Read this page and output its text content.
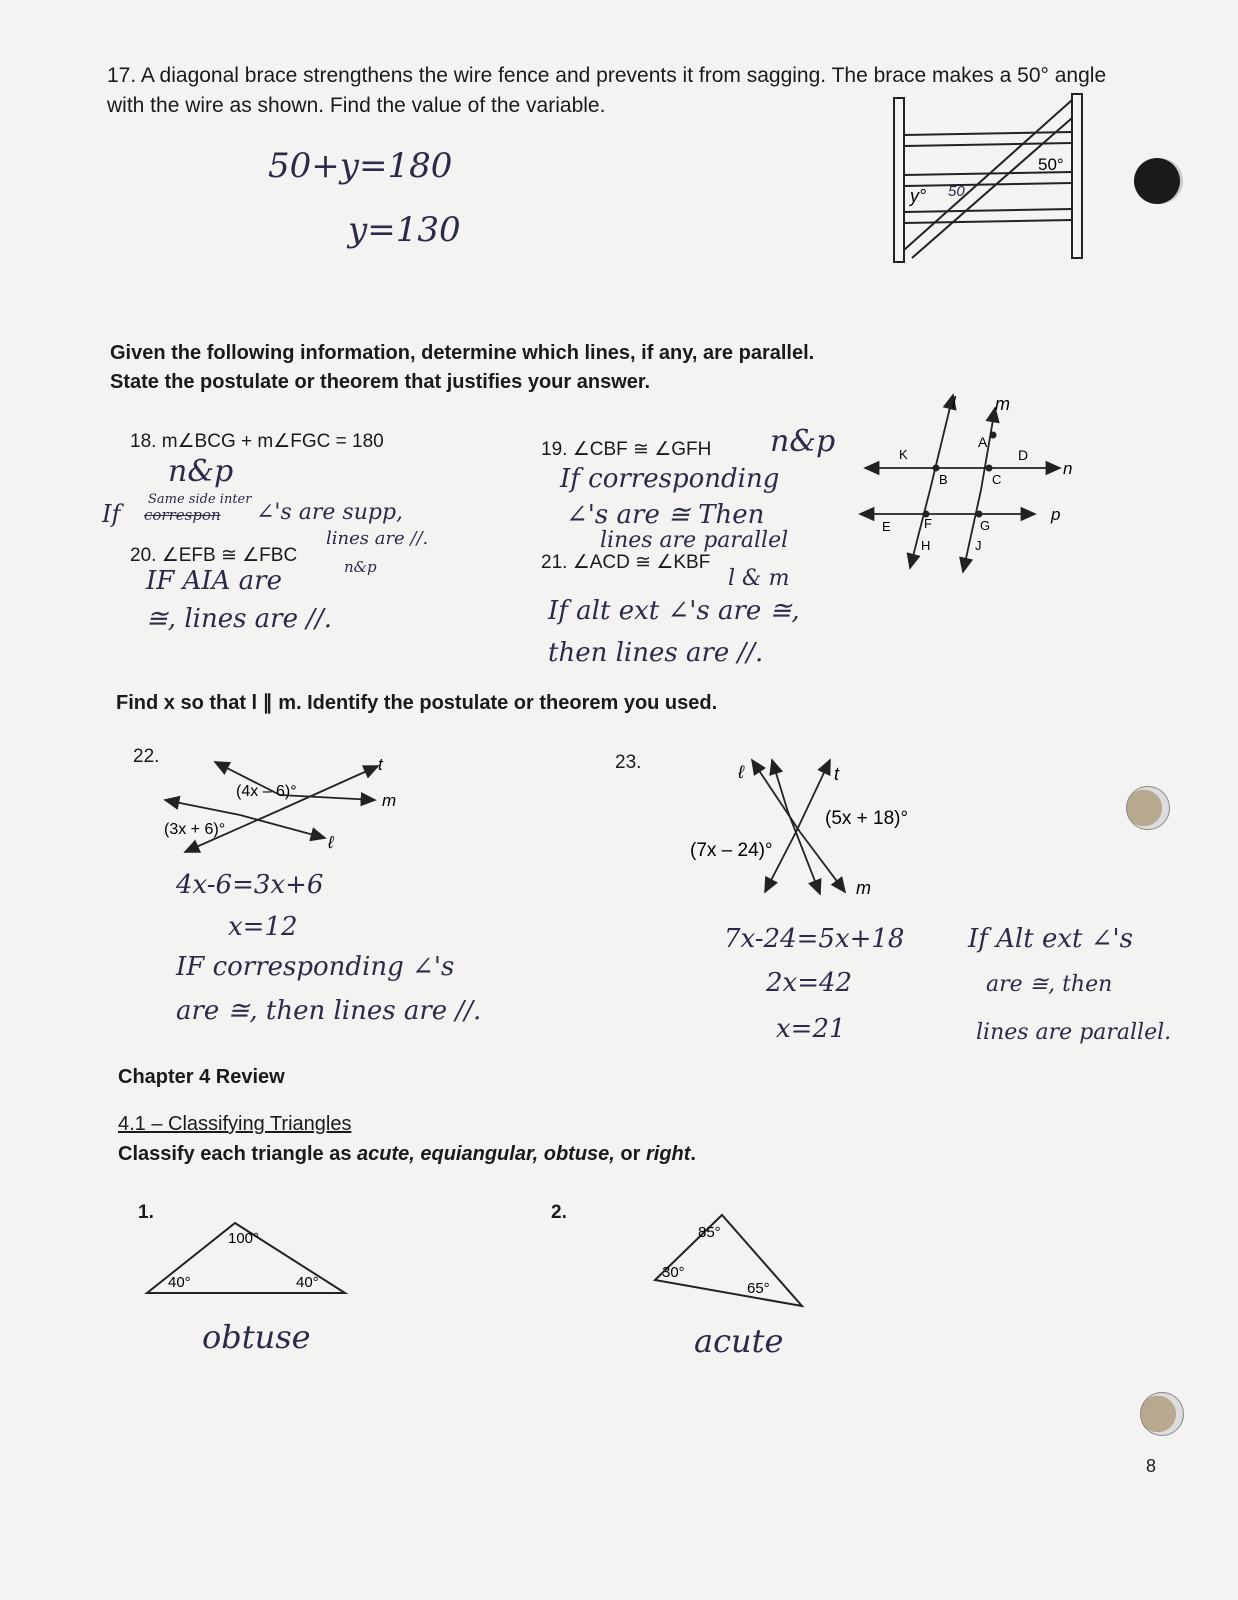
17. A diagonal brace strengthens the wire fence and prevents it from sagging. The brace makes a 50° angle
with the wire as shown. Find the value of the variable.
50+y=180
y=130
50°
y° 50
Given the following information, determine which lines, if any, are parallel.
State the postulate or theorem that justifies your answer.
18. m∠BCG + m∠FGC = 180
n&p
Same side inter
If correspon ∠'s are supp,
lines are //.
20. ∠EFB ≅ ∠FBC
n&p
IF AIA are
≅, lines are //.
19. ∠CBF ≅ ∠GFH n&p
If corresponding
∠'s are ≅ Then
lines are parallel
21. ∠ACD ≅ ∠KBF
l & m
If alt ext ∠'s are ≅,
then lines are //.
l m
n
p
A
B	C
D
E	F	G
H	J
K
Find x so that l ∥ m. Identify the postulate or theorem you used.
22.
(4x – 6)°
(3x + 6)°
t
m
ℓ
4x-6=3x+6
x=12
IF corresponding ∠'s
are ≅, then lines are //.
23.	ℓ	t
m
(5x + 18)°
(7x – 24)°
7x-24=5x+18
2x=42
x=21
If Alt ext ∠'s
are ≅, then
lines are parallel.
Chapter 4 Review
4.1 – Classifying Triangles
Classify each triangle as acute, equiangular, obtuse, or right.
1.
100°
40°	40°
obtuse
2.
85°
30°
65°
acute
8
